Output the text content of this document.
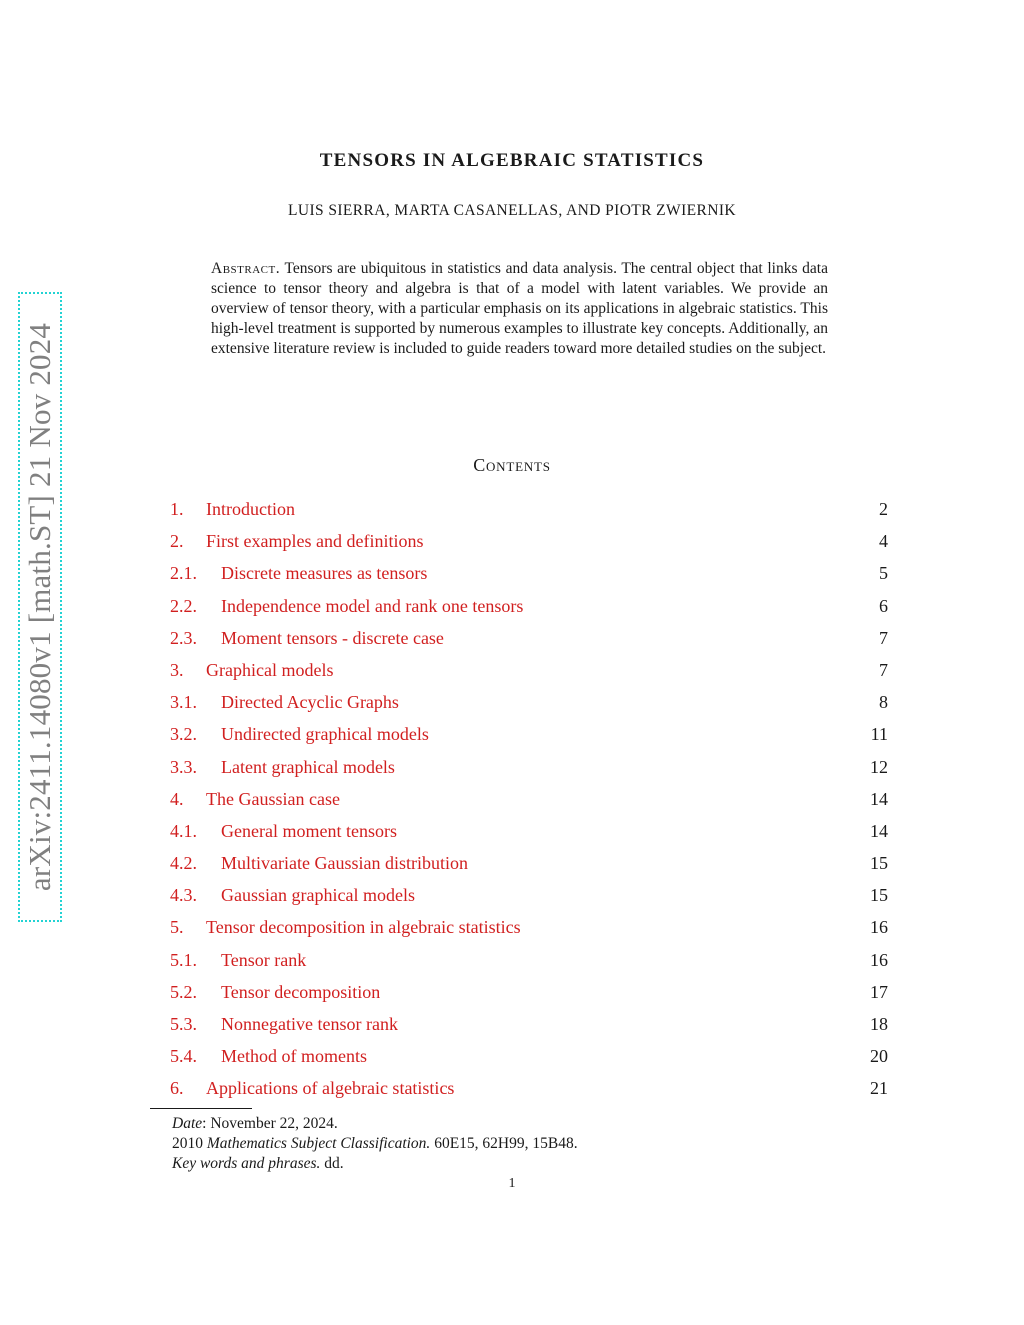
arXiv:2411.14080v1 [math.ST] 21 Nov 2024
TENSORS IN ALGEBRAIC STATISTICS
LUIS SIERRA, MARTA CASANELLAS, AND PIOTR ZWIERNIK
Abstract. Tensors are ubiquitous in statistics and data analysis. The central object that links data science to tensor theory and algebra is that of a model with latent variables. We provide an overview of tensor theory, with a particular emphasis on its applications in algebraic statistics. This high-level treatment is supported by numerous examples to illustrate key concepts. Additionally, an extensive literature review is included to guide readers toward more detailed studies on the subject.
Contents
1. Introduction	2
2. First examples and definitions	4
2.1. Discrete measures as tensors	5
2.2. Independence model and rank one tensors	6
2.3. Moment tensors - discrete case	7
3. Graphical models	7
3.1. Directed Acyclic Graphs	8
3.2. Undirected graphical models	11
3.3. Latent graphical models	12
4. The Gaussian case	14
4.1. General moment tensors	14
4.2. Multivariate Gaussian distribution	15
4.3. Gaussian graphical models	15
5. Tensor decomposition in algebraic statistics	16
5.1. Tensor rank	16
5.2. Tensor decomposition	17
5.3. Nonnegative tensor rank	18
5.4. Method of moments	20
6. Applications of algebraic statistics	21
Date: November 22, 2024.
2010 Mathematics Subject Classification. 60E15, 62H99, 15B48.
Key words and phrases. dd.
1
